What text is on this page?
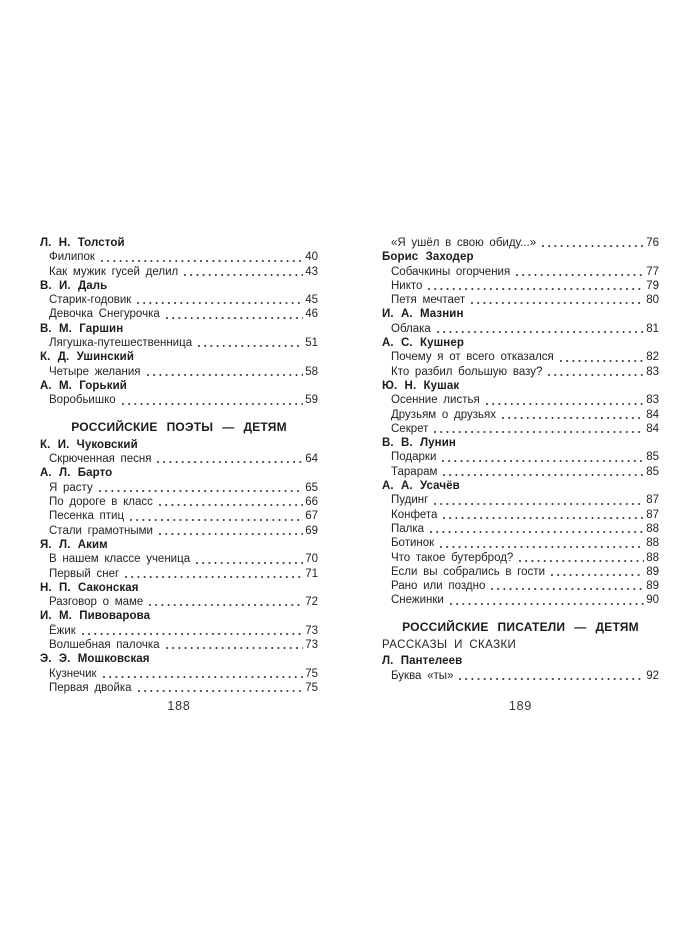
Л. Н. Толстой
Филипок	40
Как мужик гусей делил	43
В. И. Даль
Старик-годовик	45
Девочка Снегурочка	46
В. М. Гаршин
Лягушка-путешественница	51
К. Д. Ушинский
Четыре желания	58
А. М. Горький
Воробьишко	59
РОССИЙСКИЕ ПОЭТЫ — ДЕТЯМ
К. И. Чуковский
Скрюченная песня	64
А. Л. Барто
Я расту	65
По дороге в класс	66
Песенка птиц	67
Стали грамотными	69
Я. Л. Аким
В нашем классе ученица	70
Первый снег	71
Н. П. Саконская
Разговор о маме	72
И. М. Пивоварова
Ёжик	73
Волшебная палочка	73
Э. Э. Мошковская
Кузнечик	75
Первая двойка	75
«Я ушёл в свою обиду...»	76
Борис Заходер
Собачкины огорчения	77
Никто	79
Петя мечтает	80
И. А. Мазнин
Облака	81
А. С. Кушнер
Почему я от всего отказался	82
Кто разбил большую вазу?	83
Ю. Н. Кушак
Осенние листья	83
Друзьям о друзьях	84
Секрет	84
В. В. Лунин
Подарки	85
Тарарам	85
А. А. Усачёв
Пудинг	87
Конфета	87
Палка	88
Ботинок	88
Что такое бутерброд?	88
Если вы собрались в гости	89
Рано или поздно	89
Снежинки	90
РОССИЙСКИЕ ПИСАТЕЛИ — ДЕТЯМ
РАССКАЗЫ И СКАЗКИ
Л. Пантелеев
Буква «ты»	92
188	189
